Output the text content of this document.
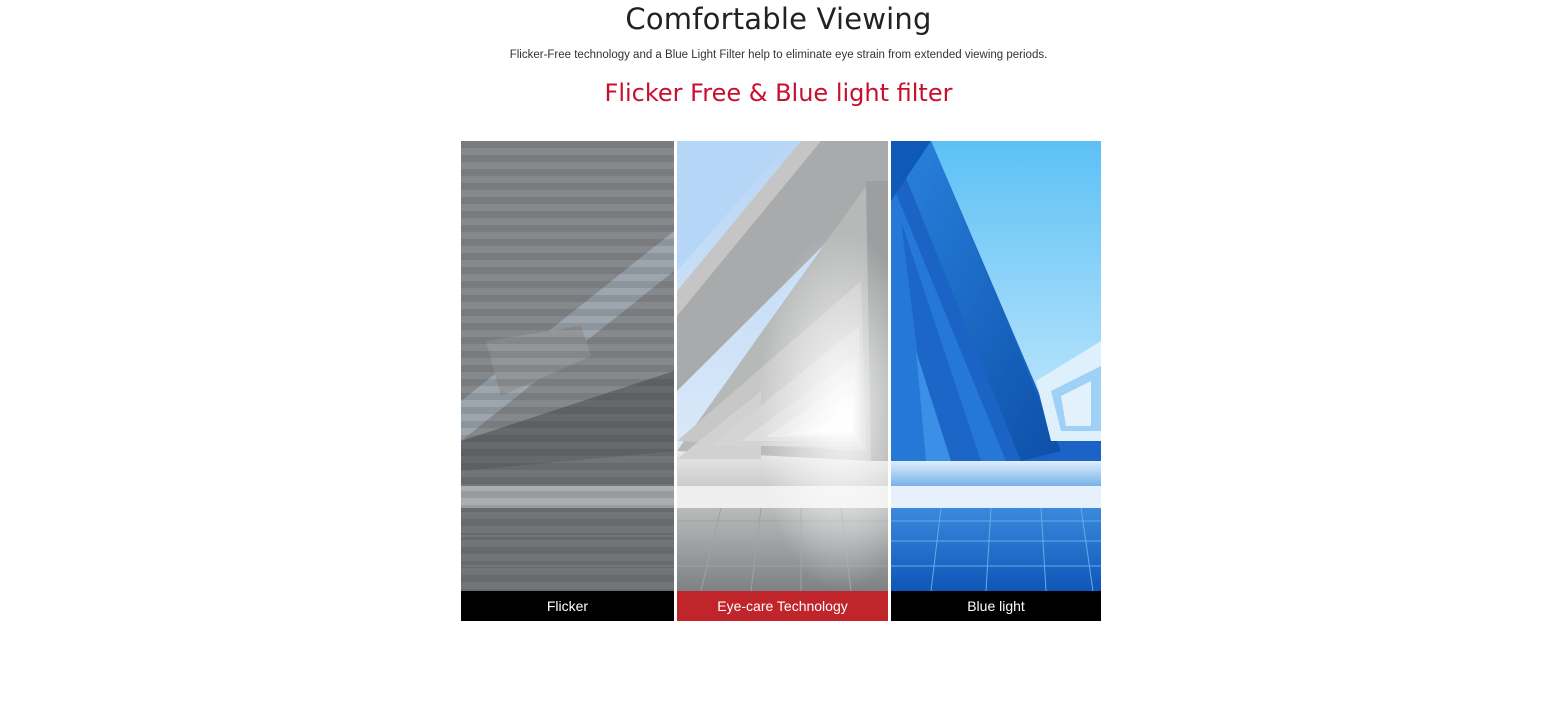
Comfortable Viewing

Flicker-Free technology and a Blue Light Filter help to eliminate eye strain from extended viewing periods.

Flicker Free & Blue light filter
Flicker	Eye-care Technology	Blue light
